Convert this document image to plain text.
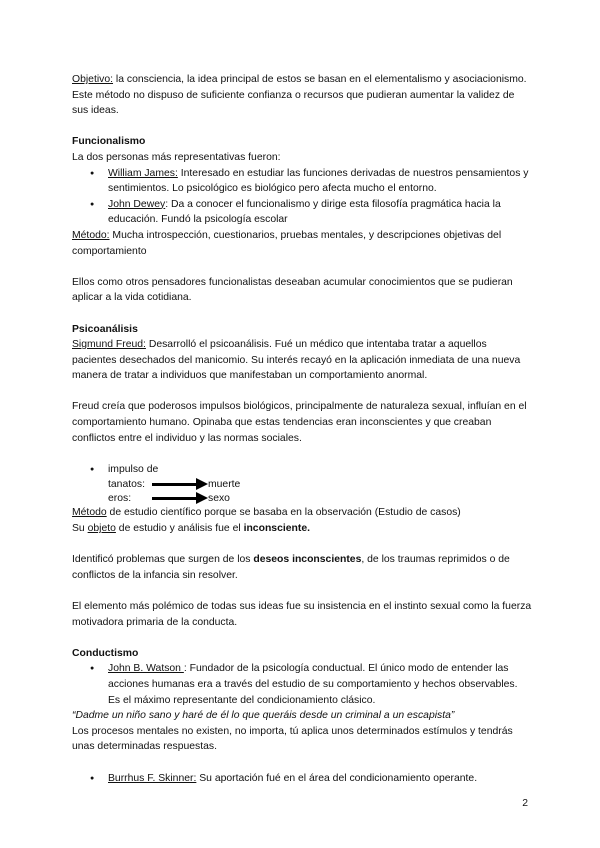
Objetivo: la consciencia, la idea principal de estos se basan en el elementalismo y asociacionismo.
Este método no dispuso de suficiente confianza o recursos que pudieran aumentar la validez de sus ideas.
Funcionalismo
La dos personas más representativas fueron:
● William James: Interesado en estudiar las funciones derivadas de nuestros pensamientos y sentimientos. Lo psicológico es biológico pero afecta mucho el entorno.
● John Dewey: Da a conocer el funcionalismo y dirige esta filosofía pragmática hacia la educación. Fundó la psicología escolar
Método: Mucha introspección, cuestionarios, pruebas mentales, y descripciones objetivas del comportamiento
Ellos como otros pensadores funcionalistas deseaban acumular conocimientos que se pudieran aplicar a la vida cotidiana.
Psicoanálisis
Sigmund Freud: Desarrolló el psicoanálisis. Fué un médico que intentaba tratar a aquellos pacientes desechados del manicomio. Su interés recayó en la aplicación inmediata de una nueva manera de tratar a individuos que manifestaban un comportamiento anormal.
Freud creía que poderosos impulsos biológicos, principalmente de naturaleza sexual, influían en el comportamiento humano. Opinaba que estas tendencias eran inconscientes y que creaban conflictos entre el individuo y las normas sociales.
● impulso de
tanatos:	muerte
eros:	sexo
Método de estudio científico porque se basaba en la observación (Estudio de casos)
Su objeto de estudio y análisis fue el inconsciente.
Identificó problemas que surgen de los deseos inconscientes, de los traumas reprimidos o de conflictos de la infancia sin resolver.
El elemento más polémico de todas sus ideas fue su insistencia en el instinto sexual como la fuerza motivadora primaria de la conducta.
Conductismo
● John B. Watson : Fundador de la psicología conductual. El único modo de entender las acciones humanas era a través del estudio de su comportamiento y hechos observables. Es el máximo representante del condicionamiento clásico.
“Dadme un niño sano y haré de él lo que queráis desde un criminal a un escapista”
Los procesos mentales no existen, no importa, tú aplica unos determinados estímulos y tendrás unas determinadas respuestas.
● Burrhus F. Skinner: Su aportación fué en el área del condicionamiento operante.
2
